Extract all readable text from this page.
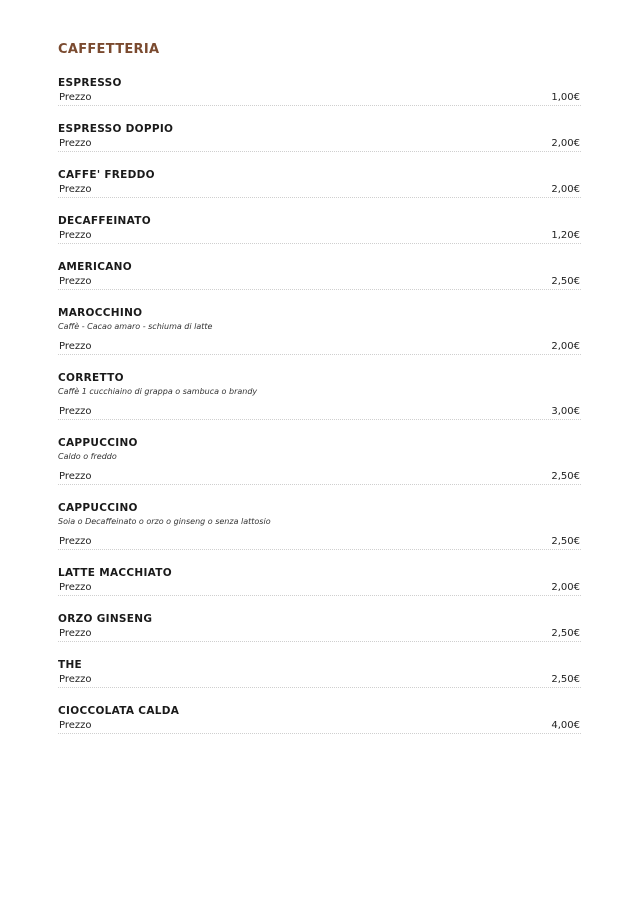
CAFFETTERIA
ESPRESSO
Prezzo	1,00€
ESPRESSO DOPPIO
Prezzo	2,00€
CAFFE' FREDDO
Prezzo	2,00€
DECAFFEINATO
Prezzo	1,20€
AMERICANO
Prezzo	2,50€
MAROCCHINO
Caffè - Cacao amaro - schiuma di latte
Prezzo	2,00€
CORRETTO
Caffè 1 cucchiaino di grappa o sambuca o brandy
Prezzo	3,00€
CAPPUCCINO
Caldo o freddo
Prezzo	2,50€
CAPPUCCINO
Soia o Decaffeinato o orzo o ginseng o senza lattosio
Prezzo	2,50€
LATTE MACCHIATO
Prezzo	2,00€
ORZO GINSENG
Prezzo	2,50€
THE
Prezzo	2,50€
CIOCCOLATA CALDA
Prezzo	4,00€
